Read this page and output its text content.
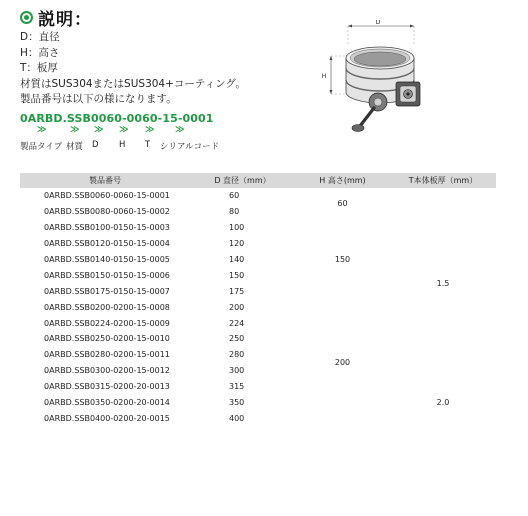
説明：
D：直径
H：高さ
T：板厚
材質はSUS304またはSUS304+コーティング。
製品番号は以下の様になります。
0ARBD.SSB0060-0060-15-0001
≫	≫ ≫ ≫ ≫ ≫
製品タイプ 材質 D H T シリアルコード
D
H
製品番号	D 直径（mm）	H 高さ(mm)	T本体板厚（mm）
0ARBD.SSB0060-0060-15-0001	60	60	1.5
0ARBD.SSB0080-0060-15-0002	80		
0ARBD.SSB0100-0150-15-0003	100	150	
0ARBD.SSB0120-0150-15-0004	120		
0ARBD.SSB0140-0150-15-0005	140		
0ARBD.SSB0150-0150-15-0006	150		
0ARBD.SSB0175-0150-15-0007	175		
0ARBD.SSB0200-0200-15-0008	200	200	
0ARBD.SSB0224-0200-15-0009	224		
0ARBD.SSB0250-0200-15-0010	250		
0ARBD.SSB0280-0200-15-0011	280		
0ARBD.SSB0300-0200-15-0012	300		
0ARBD.SSB0315-0200-20-0013	315		2.0
0ARBD.SSB0350-0200-20-0014	350		
0ARBD.SSB0400-0200-20-0015	400		
